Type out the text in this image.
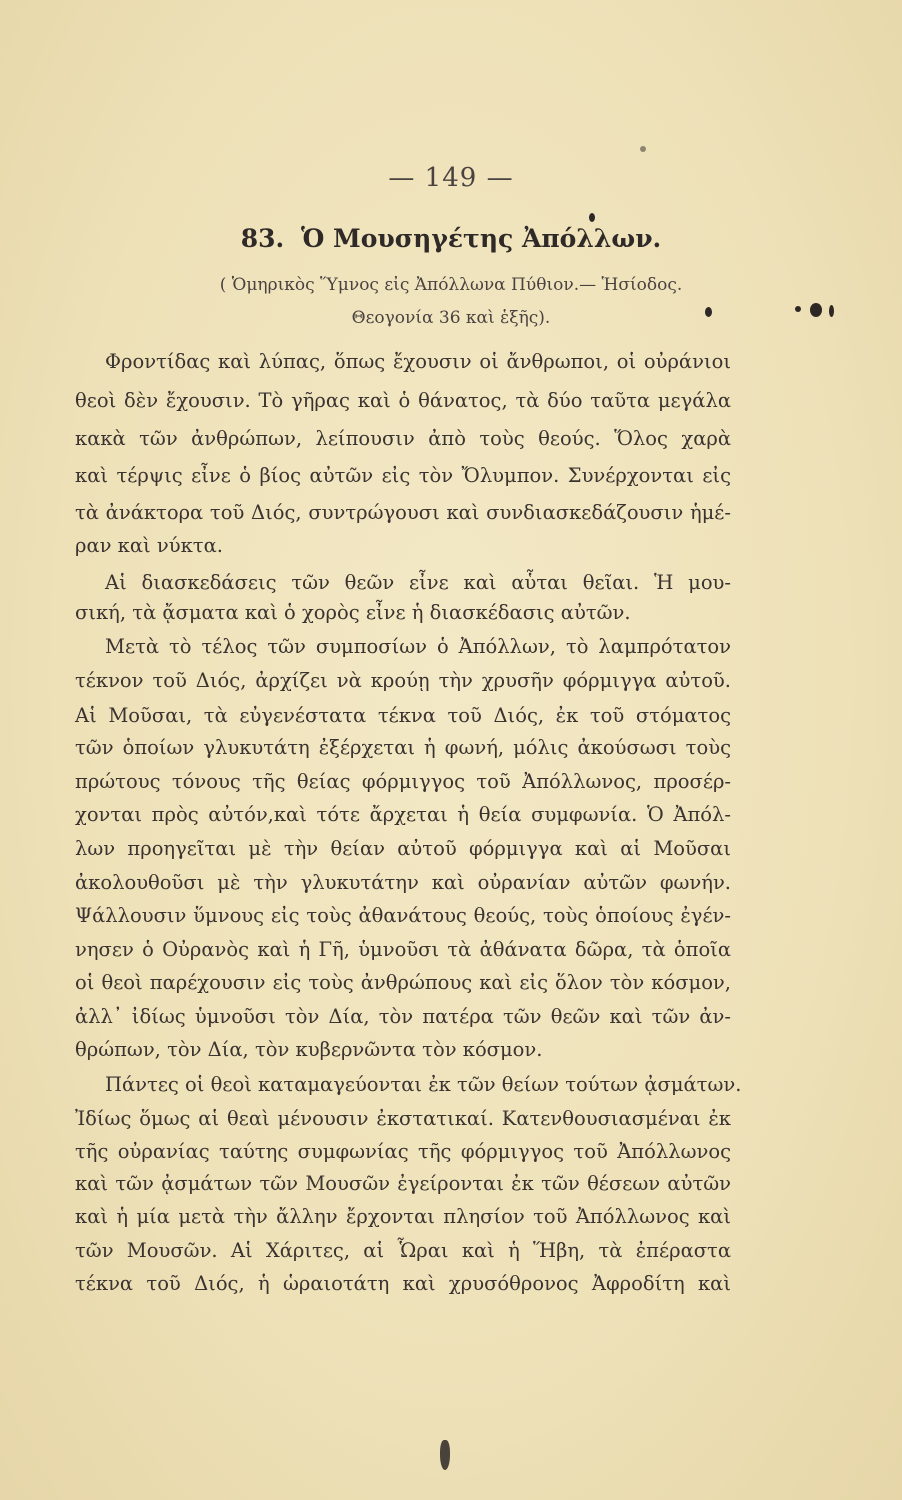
— 149 —
83. Ὁ Μουσηγέτης Ἀπόλλων.
( Ὁμηρικὸς Ὕμνος εἰς Ἀπόλλωνα Πύθιον.— Ἡσίοδος.
Θεογονία 36 καὶ ἑξῆς).
Φροντίδας καὶ λύπας, ὅπως ἔχουσιν οἱ ἄνθρωποι, οἱ οὐράνιοι
θεοὶ δὲν ἔχουσιν. Τὸ γῆρας καὶ ὁ θάνατος, τὰ δύο ταῦτα μεγάλα
κακὰ τῶν ἀνθρώπων, λείπουσιν ἀπὸ τοὺς θεούς. Ὅλος χαρὰ
καὶ τέρψις εἶνε ὁ βίος αὐτῶν εἰς τὸν Ὄλυμπον. Συνέρχονται εἰς
τὰ ἀνάκτορα τοῦ Διός, συντρώγουσι καὶ συνδιασκεδάζουσιν ἡμέ-
ραν καὶ νύκτα.
Αἱ διασκεδάσεις τῶν θεῶν εἶνε καὶ αὗται θεῖαι. Ἡ μου-
σική, τὰ ᾄσματα καὶ ὁ χορὸς εἶνε ἡ διασκέδασις αὐτῶν.
Μετὰ τὸ τέλος τῶν συμποσίων ὁ Ἀπόλλων, τὸ λαμπρότατον
τέκνον τοῦ Διός, ἀρχίζει νὰ κρούῃ τὴν χρυσῆν φόρμιγγα αὐτοῦ.
Αἱ Μοῦσαι, τὰ εὐγενέστατα τέκνα τοῦ Διός, ἐκ τοῦ στόματος
τῶν ὁποίων γλυκυτάτη ἐξέρχεται ἡ φωνή, μόλις ἀκούσωσι τοὺς
πρώτους τόνους τῆς θείας φόρμιγγος τοῦ Ἀπόλλωνος, προσέρ-
χονται πρὸς αὐτόν,καὶ τότε ἄρχεται ἡ θεία συμφωνία. Ὁ Ἀπόλ-
λων προηγεῖται μὲ τὴν θείαν αὐτοῦ φόρμιγγα καὶ αἱ Μοῦσαι
ἀκολουθοῦσι μὲ τὴν γλυκυτάτην καὶ οὐρανίαν αὐτῶν φωνήν.
Ψάλλουσιν ὕμνους εἰς τοὺς ἀθανάτους θεούς, τοὺς ὁποίους ἐγέν-
νησεν ὁ Οὐρανὸς καὶ ἡ Γῆ, ὑμνοῦσι τὰ ἀθάνατα δῶρα, τὰ ὁποῖα
οἱ θεοὶ παρέχουσιν εἰς τοὺς ἀνθρώπους καὶ εἰς ὅλον τὸν κόσμον,
ἀλλ᾽ ἰδίως ὑμνοῦσι τὸν Δία, τὸν πατέρα τῶν θεῶν καὶ τῶν ἀν-
θρώπων, τὸν Δία, τὸν κυβερνῶντα τὸν κόσμον.
Πάντες οἱ θεοὶ καταμαγεύονται ἐκ τῶν θείων τούτων ᾀσμάτων.
Ἰδίως ὅμως αἱ θεαὶ μένουσιν ἐκστατικαί. Κατενθουσιασμέναι ἐκ
τῆς οὐρανίας ταύτης συμφωνίας τῆς φόρμιγγος τοῦ Ἀπόλλωνος
καὶ τῶν ᾀσμάτων τῶν Μουσῶν ἐγείρονται ἐκ τῶν θέσεων αὐτῶν
καὶ ἡ μία μετὰ τὴν ἄλλην ἔρχονται πλησίον τοῦ Ἀπόλλωνος καὶ
τῶν Μουσῶν. Αἱ Χάριτες, αἱ Ὧραι καὶ ἡ Ἥβη, τὰ ἐπέραστα
τέκνα τοῦ Διός, ἡ ὡραιοτάτη καὶ χρυσόθρονος Ἀφροδίτη καὶ
